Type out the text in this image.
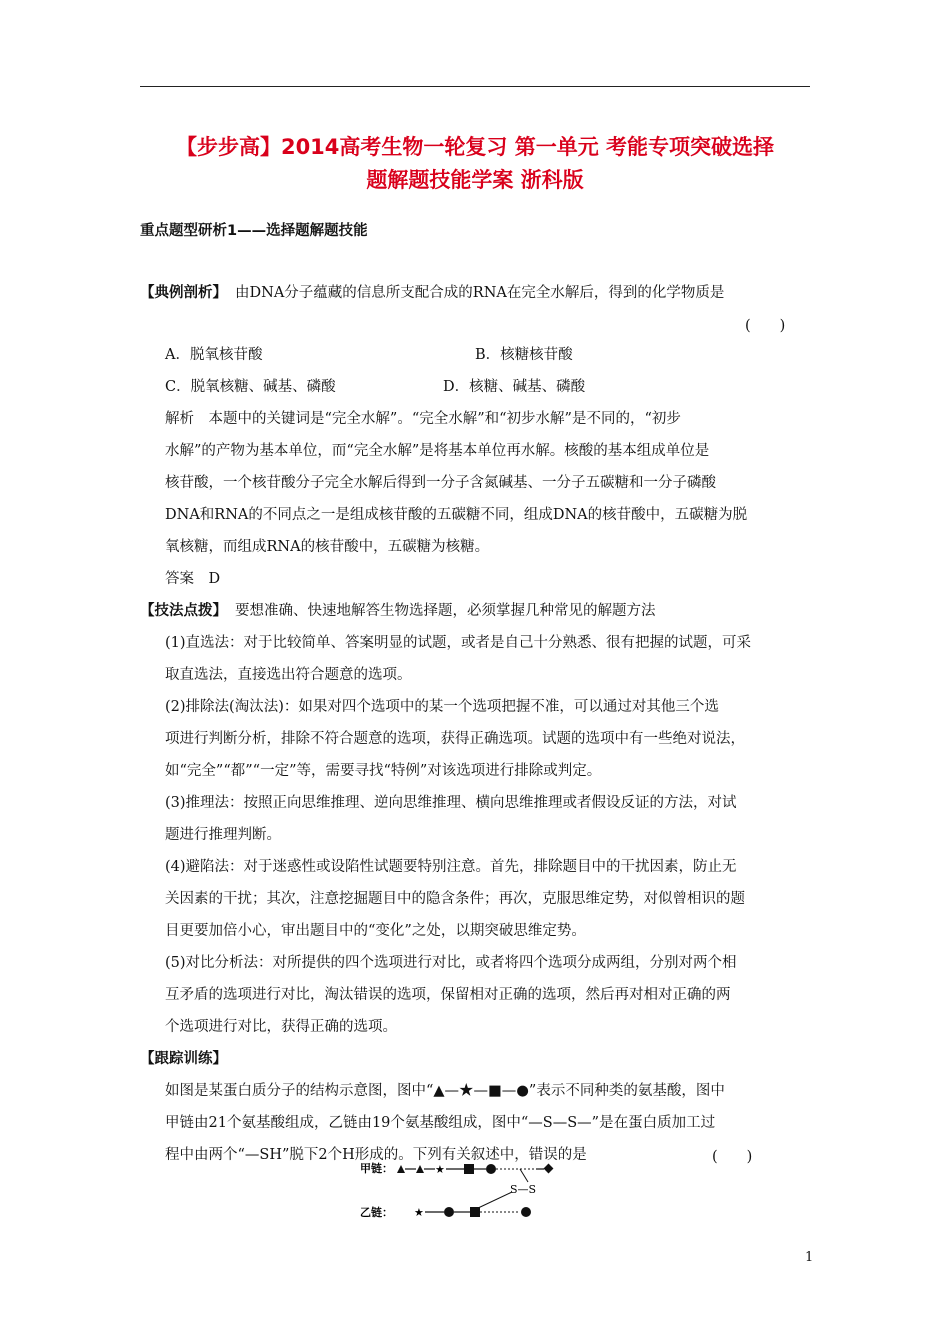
【步步高】2014高考生物一轮复习 第一单元 考能专项突破选择
题解题技能学案 浙科版
重点题型研析1——选择题解题技能
【典例剖析】 由DNA分子蕴藏的信息所支配合成的RNA在完全水解后，得到的化学物质是
(　　)
A．脱氧核苷酸	B．核糖核苷酸
C．脱氧核糖、碱基、磷酸	D．核糖、碱基、磷酸
解析　本题中的关键词是“完全水解”。“完全水解”和“初步水解”是不同的，“初步
水解”的产物为基本单位，而“完全水解”是将基本单位再水解。核酸的基本组成单位是
核苷酸，一个核苷酸分子完全水解后得到一分子含氮碱基、一分子五碳糖和一分子磷酸
DNA和RNA的不同点之一是组成核苷酸的五碳糖不同，组成DNA的核苷酸中，五碳糖为脱
氧核糖，而组成RNA的核苷酸中，五碳糖为核糖。
答案　D
【技法点拨】 要想准确、快速地解答生物选择题，必须掌握几种常见的解题方法
(1)直选法：对于比较简单、答案明显的试题，或者是自己十分熟悉、很有把握的试题，可采
取直选法，直接选出符合题意的选项。
(2)排除法(淘汰法)：如果对四个选项中的某一个选项把握不准，可以通过对其他三个选
项进行判断分析，排除不符合题意的选项，获得正确选项。试题的选项中有一些绝对说法，
如“完全”“都”“一定”等，需要寻找“特例”对该选项进行排除或判定。
(3)推理法：按照正向思维推理、逆向思维推理、横向思维推理或者假设反证的方法，对试
题进行推理判断。
(4)避陷法：对于迷惑性或设陷性试题要特别注意。首先，排除题目中的干扰因素，防止无
关因素的干扰；其次，注意挖掘题目中的隐含条件；再次，克服思维定势，对似曾相识的题
目更要加倍小心，审出题目中的“变化”之处，以期突破思维定势。
(5)对比分析法：对所提供的四个选项进行对比，或者将四个选项分成两组，分别对两个相
互矛盾的选项进行对比，淘汰错误的选项，保留相对正确的选项，然后再对相对正确的两
个选项进行对比，获得正确的选项。
【跟踪训练】
如图是某蛋白质分子的结构示意图，图中“▲—★—■—●”表示不同种类的氨基酸，图中
甲链由21个氨基酸组成，乙链由19个氨基酸组成，图中“—S—S—”是在蛋白质加工过
程中由两个“—SH”脱下2个H形成的。下列有关叙述中，错误的是	(　　)
甲链：	★
S—S
乙链： ★
1
